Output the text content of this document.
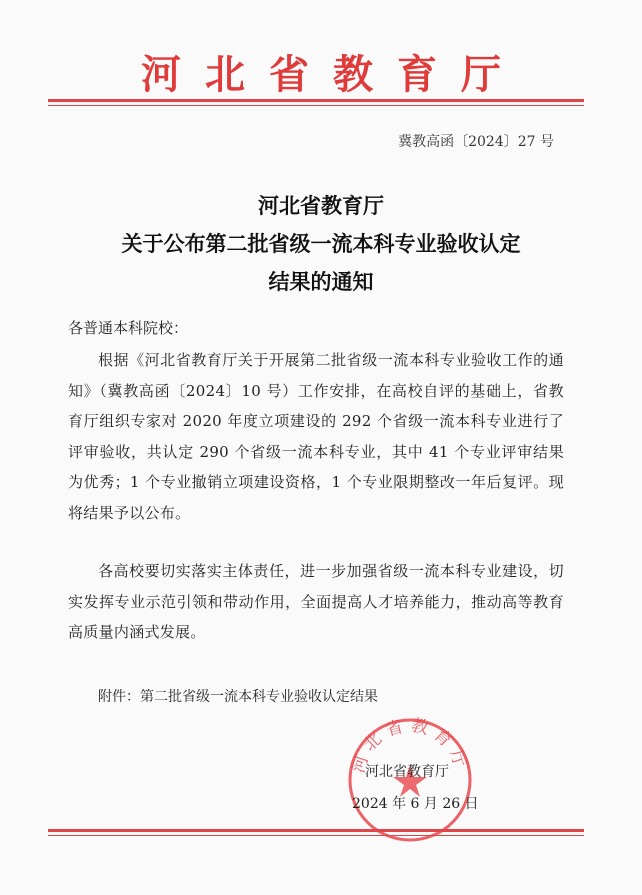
河北省教育厅
冀教高函〔2024〕27 号
河北省教育厅
关于公布第二批省级一流本科专业验收认定
结果的通知
各普通本科院校：
根据《河北省教育厅关于开展第二批省级一流本科专业验收工作的通知》（冀教高函〔2024〕10 号）工作安排，在高校自评的基础上，省教育厅组织专家对 2020 年度立项建设的 292 个省级一流本科专业进行了评审验收，共认定 290 个省级一流本科专业，其中 41 个专业评审结果为优秀；1 个专业撤销立项建设资格，1 个专业限期整改一年后复评。现将结果予以公布。
各高校要切实落实主体责任，进一步加强省级一流本科专业建设，切实发挥专业示范引领和带动作用，全面提高人才培养能力，推动高等教育高质量内涵式发展。
附件：第二批省级一流本科专业验收认定结果
河北省教育厅
河北省教育厅
2024 年 6 月 26 日
